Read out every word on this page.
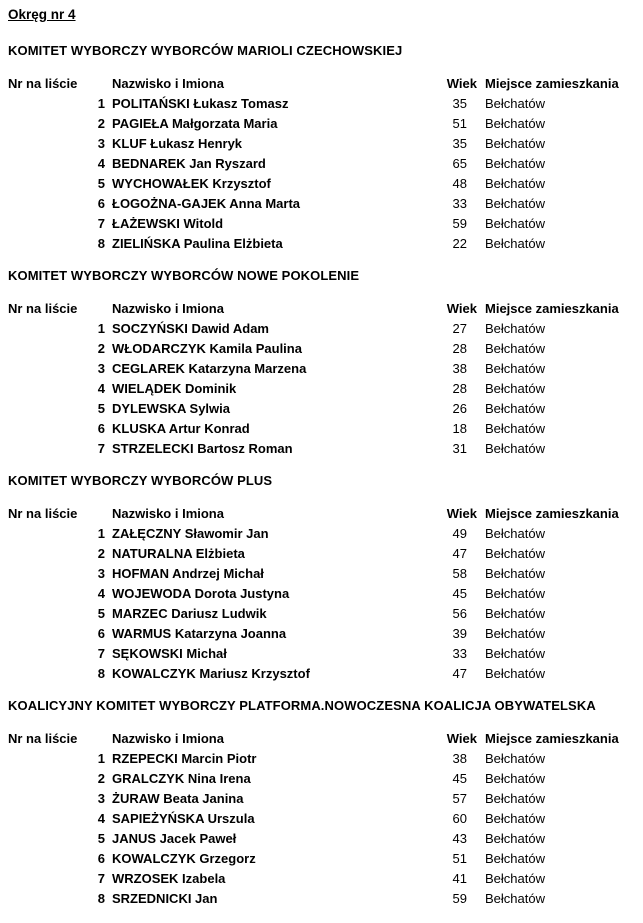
Okręg nr 4
KOMITET WYBORCZY WYBORCÓW MARIOLI CZECHOWSKIEJ
Nr na liście	Nazwisko i Imiona	Wiek Miejsce zamieszkania
1 POLITAŃSKI Łukasz Tomasz	35	Bełchatów
2 PAGIEŁA Małgorzata Maria	51	Bełchatów
3 KLUF Łukasz Henryk	35	Bełchatów
4 BEDNAREK Jan Ryszard	65	Bełchatów
5 WYCHOWAŁEK Krzysztof	48	Bełchatów
6 ŁOGOŻNA-GAJEK Anna Marta	33	Bełchatów
7 ŁAŻEWSKI Witold	59	Bełchatów
8 ZIELIŃSKA Paulina Elżbieta	22	Bełchatów
KOMITET WYBORCZY WYBORCÓW NOWE POKOLENIE
Nr na liście	Nazwisko i Imiona	Wiek Miejsce zamieszkania
1 SOCZYŃSKI Dawid Adam	27	Bełchatów
2 WŁODARCZYK Kamila Paulina	28	Bełchatów
3 CEGLAREK Katarzyna Marzena	38	Bełchatów
4 WIELĄDEK Dominik	28	Bełchatów
5 DYLEWSKA Sylwia	26	Bełchatów
6 KLUSKA Artur Konrad	18	Bełchatów
7 STRZELECKI Bartosz Roman	31	Bełchatów
KOMITET WYBORCZY WYBORCÓW PLUS
Nr na liście	Nazwisko i Imiona	Wiek Miejsce zamieszkania
1 ZAŁĘCZNY Sławomir Jan	49	Bełchatów
2 NATURALNA Elżbieta	47	Bełchatów
3 HOFMAN Andrzej Michał	58	Bełchatów
4 WOJEWODA Dorota Justyna	45	Bełchatów
5 MARZEC Dariusz Ludwik	56	Bełchatów
6 WARMUS Katarzyna Joanna	39	Bełchatów
7 SĘKOWSKI Michał	33	Bełchatów
8 KOWALCZYK Mariusz Krzysztof	47	Bełchatów
KOALICYJNY KOMITET WYBORCZY PLATFORMA.NOWOCZESNA KOALICJA OBYWATELSKA
Nr na liście	Nazwisko i Imiona	Wiek Miejsce zamieszkania
1 RZEPECKI Marcin Piotr	38	Bełchatów
2 GRALCZYK Nina Irena	45	Bełchatów
3 ŻURAW Beata Janina	57	Bełchatów
4 SAPIEŻYŃSKA Urszula	60	Bełchatów
5 JANUS Jacek Paweł	43	Bełchatów
6 KOWALCZYK Grzegorz	51	Bełchatów
7 WRZOSEK Izabela	41	Bełchatów
8 SRZEDNICKI Jan	59	Bełchatów
